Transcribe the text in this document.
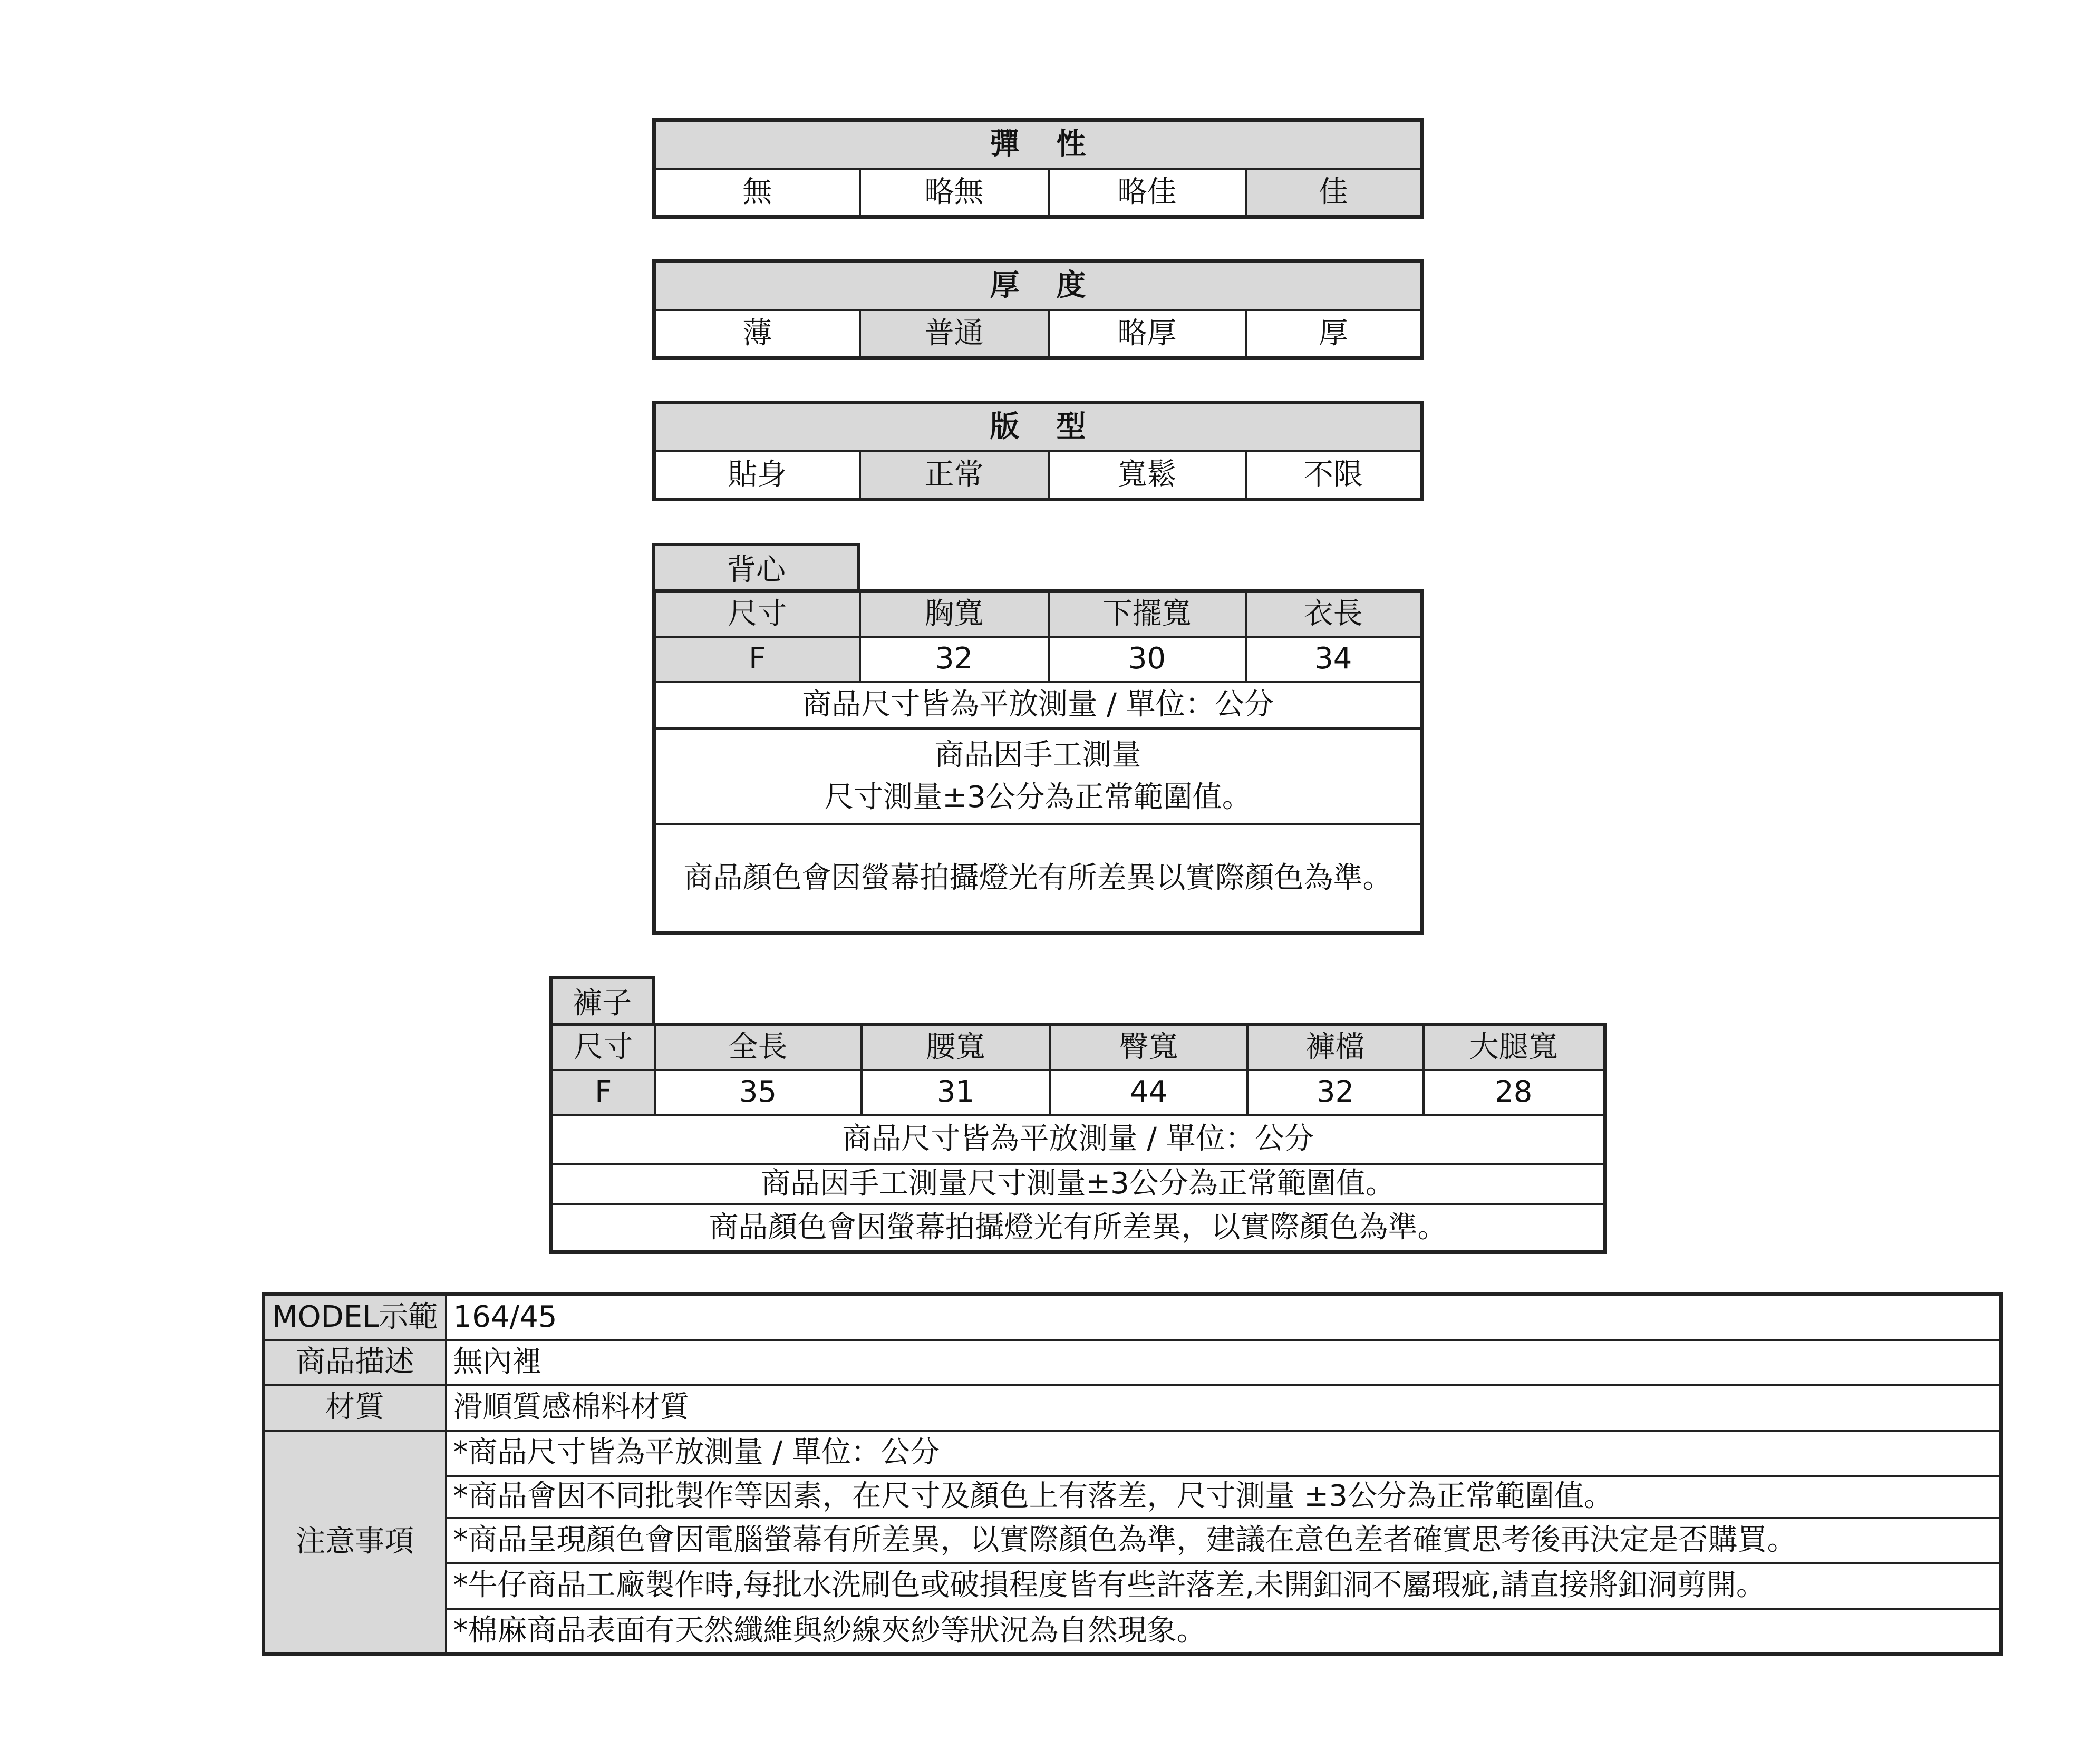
彈性
無	略無	略佳	佳
厚度
薄	普通	略厚	厚
版型
貼身	正常	寬鬆	不限
背心
尺寸	胸寬	下擺寬	衣長
F	32	30	34
商品尺寸皆為平放測量 / 單位：公分			
商品因手工測量
尺寸測量±3公分為正常範圍值。			
商品顏色會因螢幕拍攝燈光有所差異以實際顏色為準。			
褲子
尺寸	全長	腰寬	臀寬	褲檔	大腿寬
F	35	31	44	32	28
商品尺寸皆為平放測量 / 單位：公分					
商品因手工測量尺寸測量±3公分為正常範圍值。					
商品顏色會因螢幕拍攝燈光有所差異，以實際顏色為準。					
MODEL示範	164/45
商品描述	無內裡
材質	滑順質感棉料材質
注意事項	*商品尺寸皆為平放測量 / 單位：公分
	*商品會因不同批製作等因素，在尺寸及顏色上有落差，尺寸測量 ±3公分為正常範圍值。
	*商品呈現顏色會因電腦螢幕有所差異，以實際顏色為準，建議在意色差者確實思考後再決定是否購買。
	*牛仔商品工廠製作時,每批水洗刷色或破損程度皆有些許落差,未開釦洞不屬瑕疵,請直接將釦洞剪開。
	*棉麻商品表面有天然纖維與紗線夾紗等狀況為自然現象。
